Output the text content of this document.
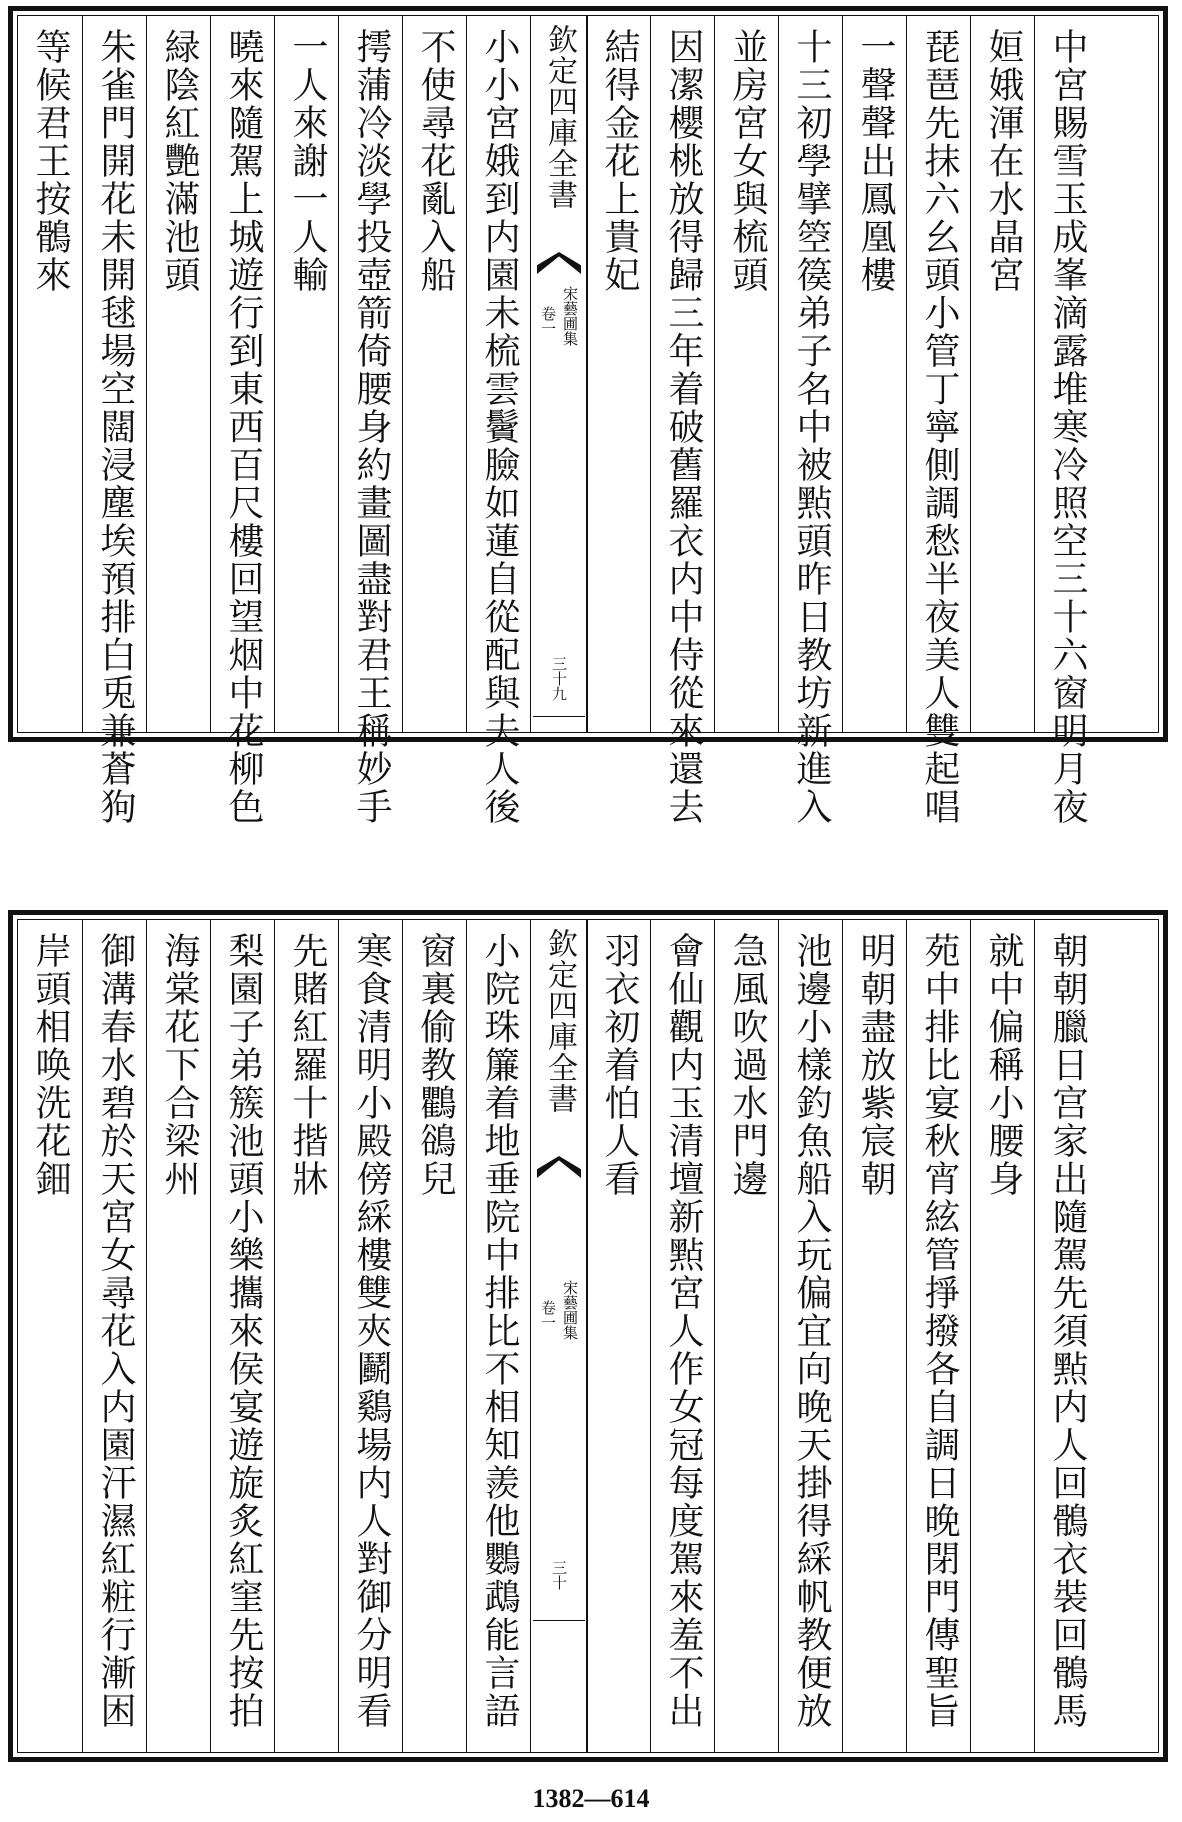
等候君王按鶻來 朱雀門開花未開毬場空闊浸塵埃預排白兎兼蒼狗 緑陰紅艷滿池頭 曉來隨駕上城遊行到東西百尺樓回望烟中花柳色 一人來謝一人輸 摴蒲冷淡學投壺箭倚腰身約畫圖盡對君王稱妙手 不使尋花亂入船 小小宮娥到内園未梳雲鬢臉如蓮自從配與夫人後 欽定四庫全書
宋藝圃集
卷一
三十九
結得金花上貴妃 因㓗櫻桃放得歸三年着破舊羅衣内中侍從來還去 並房宮女與梳頭 十三初學擘箜篌弟子名中被㸃頭昨日教坊新進入 一聲聲出鳳凰樓 琵琶先抹六幺頭小管丁寧側調愁半夜美人雙起唱 姮娥渾在水晶宮 中宮賜雪玉成峯滴露堆寒冷照空三十六窗明月夜
岸頭相唤洗花鈿 御溝春水碧於天宮女尋花入内園汗濕紅粧行漸困 海棠花下合梁州 梨園子弟簇池頭小樂攜來侯宴遊旋炙紅窐先按拍 先賭紅羅十揩牀 寒食清明小殿傍綵樓雙夾鬬鷄場内人對御分明看 窗裏偷教鸜鵒兒 小院珠簾着地垂院中排比不相知羨他鸚鵡能言語 欽定四庫全書
宋藝圃集
卷一
三十
羽衣初着怕人看 會仙觀内玉清壇新㸃宮人作女冠每度駕來羞不出 急風吹過水門邊 池邊小樣釣魚船入玩偏宜向晚天掛得綵帆教便放 明朝盡放紫宸朝 苑中排比宴秋宵絃管掙撥各自調日晚閉門傳聖旨 就中偏稱小腰身 朝朝臘日宫家出隨駕先須㸃内人回鶻衣裝回鶻馬
1382—614
